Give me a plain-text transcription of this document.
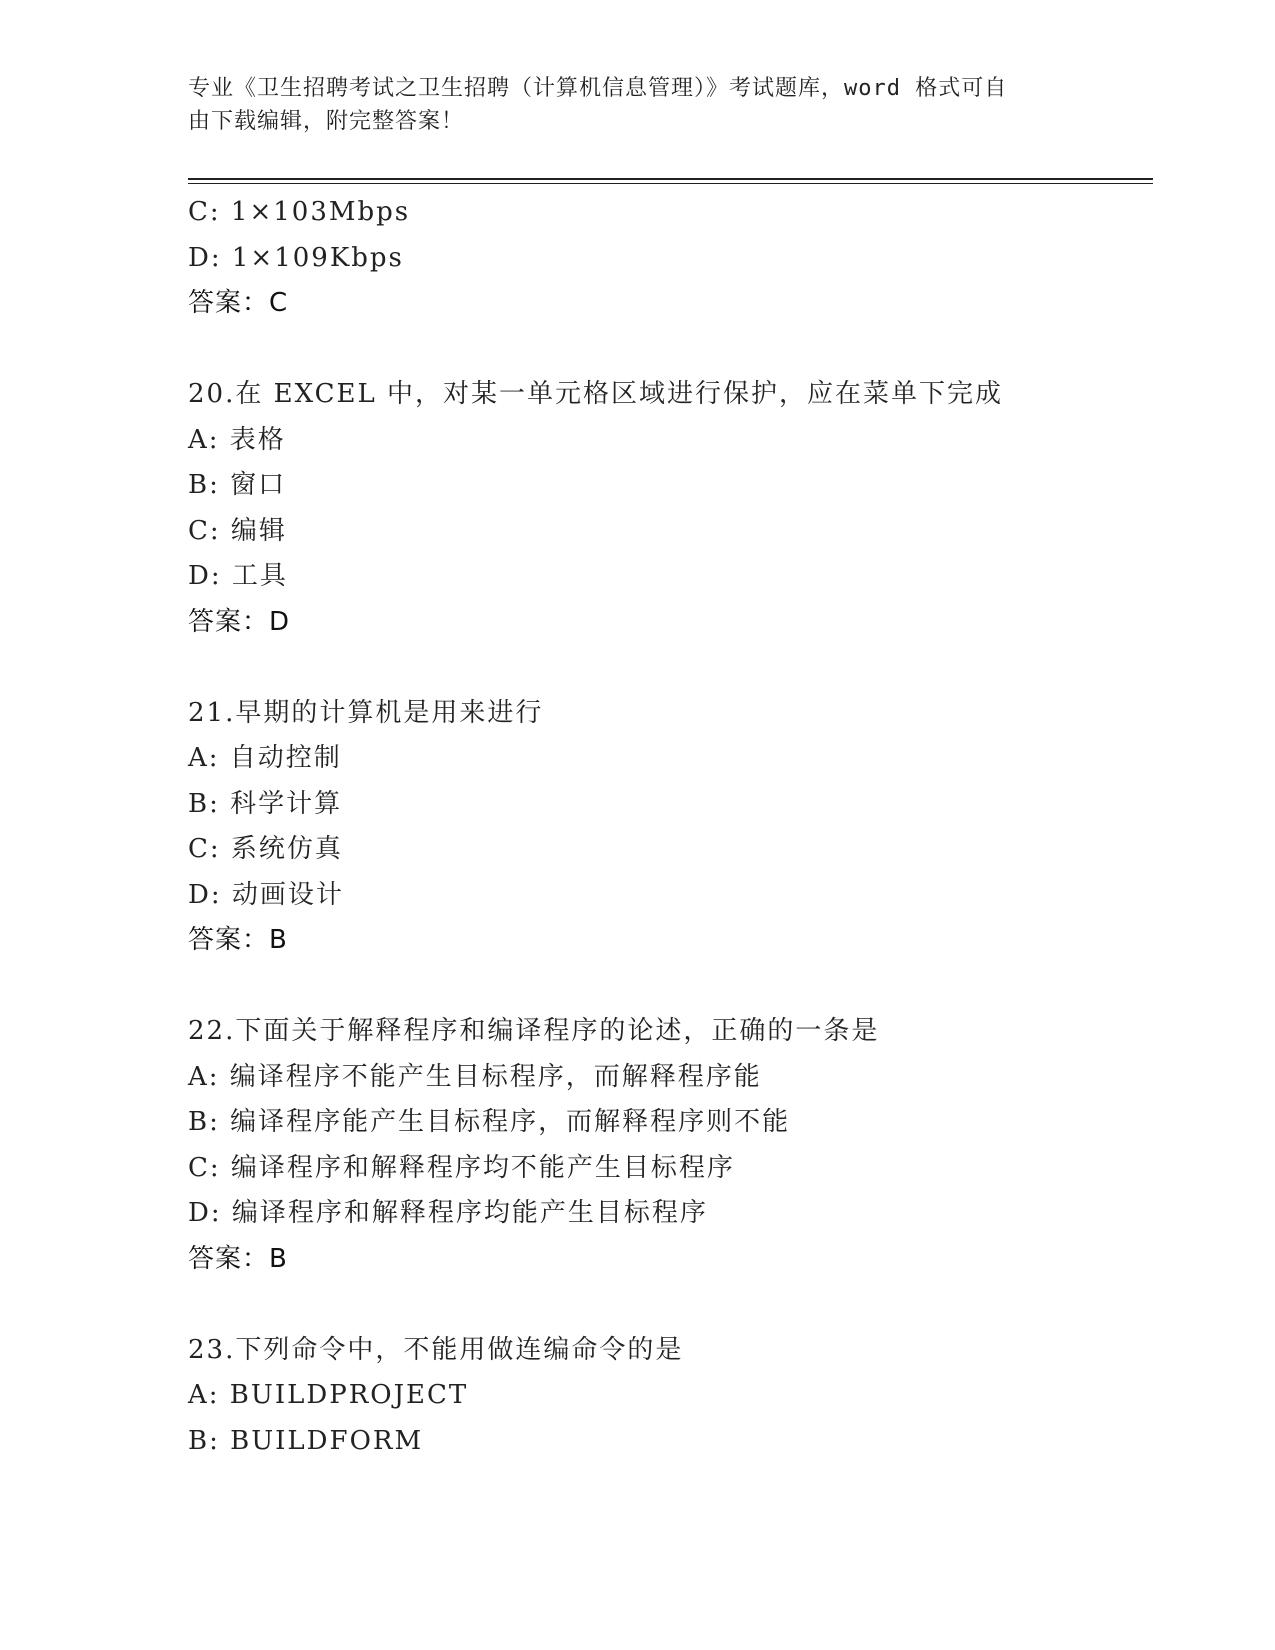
专业《卫生招聘考试之卫生招聘（计算机信息管理）》考试题库，word 格式可自
由下载编辑，附完整答案！
C: 1×103Mbps
D: 1×109Kbps
答案：C
20.在 EXCEL 中，对某一单元格区域进行保护，应在菜单下完成
A: 表格
B: 窗口
C: 编辑
D: 工具
答案：D
21.早期的计算机是用来进行
A: 自动控制
B: 科学计算
C: 系统仿真
D: 动画设计
答案：B
22.下面关于解释程序和编译程序的论述，正确的一条是
A: 编译程序不能产生目标程序，而解释程序能
B: 编译程序能产生目标程序，而解释程序则不能
C: 编译程序和解释程序均不能产生目标程序
D: 编译程序和解释程序均能产生目标程序
答案：B
23.下列命令中，不能用做连编命令的是
A: BUILDPROJECT
B: BUILDFORM
